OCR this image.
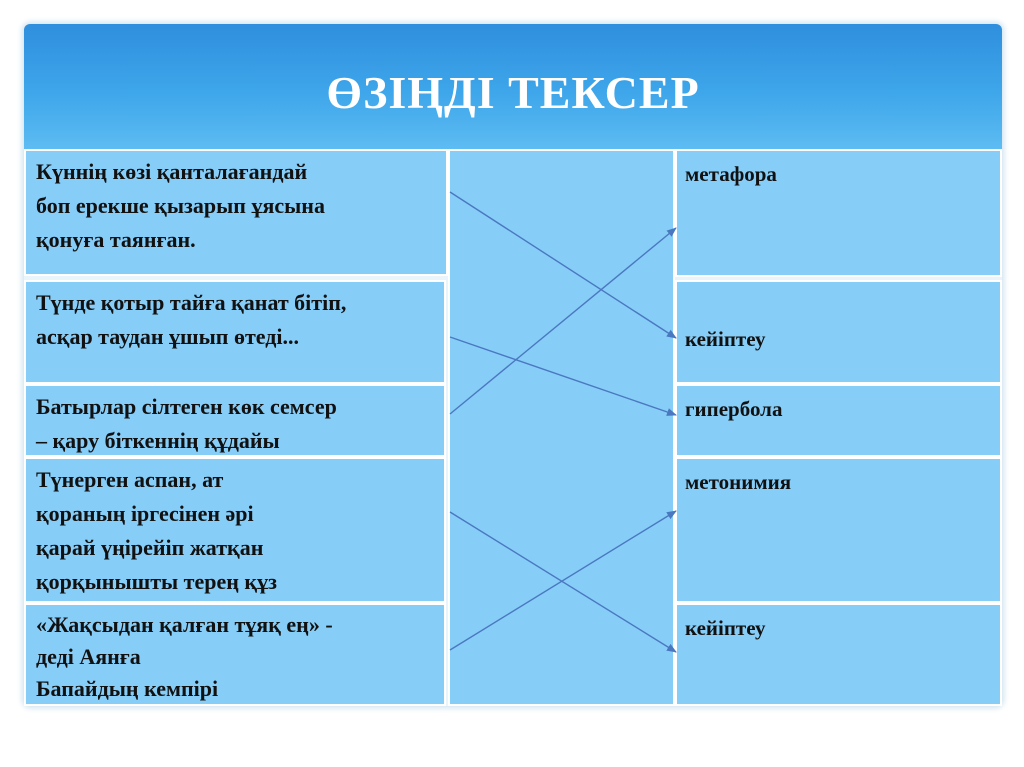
ӨЗІҢДІ ТЕКСЕР
Күннің көзі қанталағандай
боп ерекше қызарып ұясына
қонуға таянған.
Түнде қотыр тайға қанат бітіп,
асқар таудан ұшып өтеді...
Батырлар сілтеген көк семсер
– қару біткеннің құдайы
Түнерген аспан, ат
қораның іргесінен әрі
қарай үңірейіп жатқан
қорқынышты терең құз
«Жақсыдан қалған тұяқ ең» -
деді Аянға
Бапайдың кемпірі
метафора
кейіптеу
гипербола
метонимия
кейіптеу
